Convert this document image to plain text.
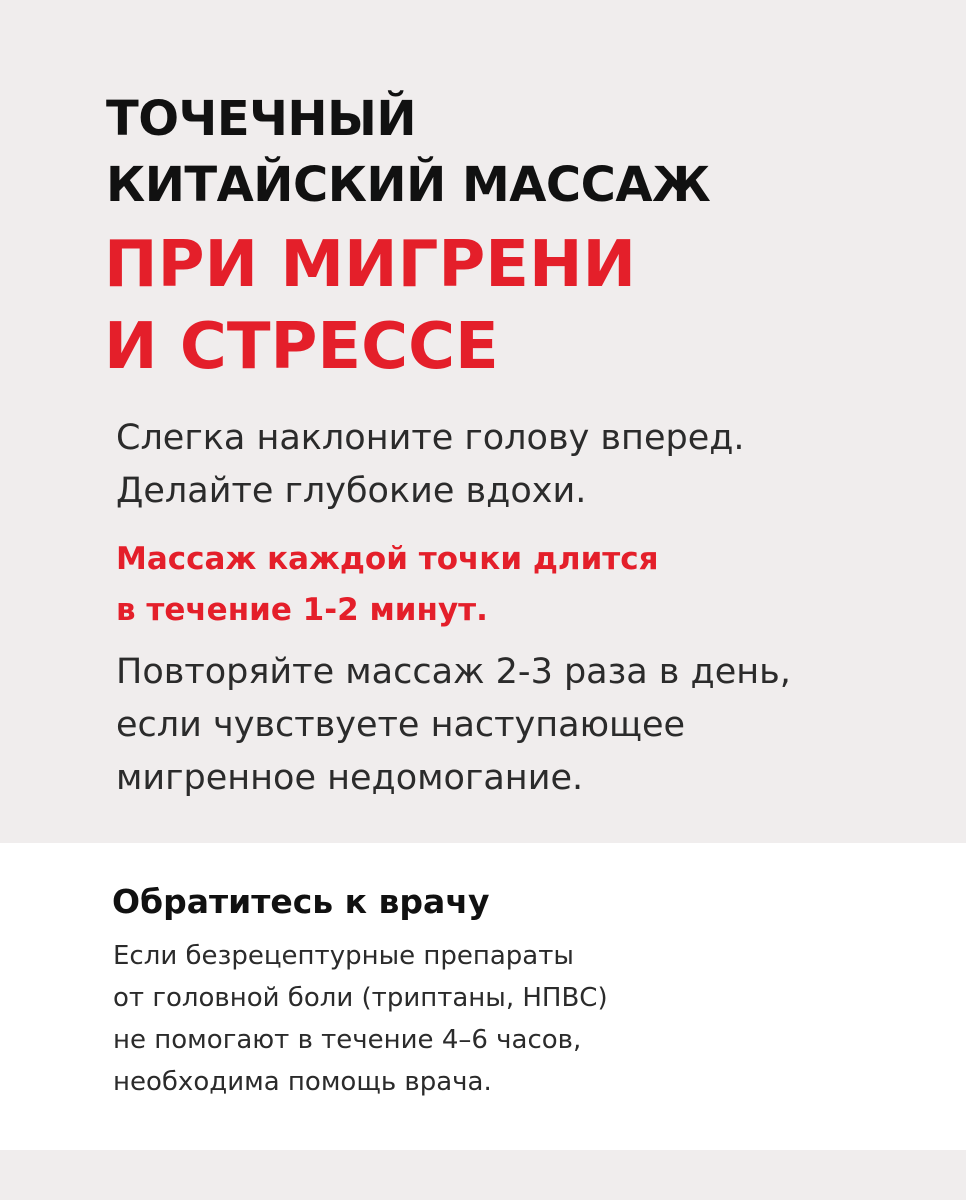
ТОЧЕЧНЫЙ
КИТАЙСКИЙ МАССАЖ
ПРИ МИГРЕНИ
И СТРЕССЕ

Слегка наклоните голову вперед.
Делайте глубокие вдохи.

Массаж каждой точки длится
в течение 1-2 минут.

Повторяйте массаж 2-3 раза в день,
если чувствуете наступающее
мигренное недомогание.

Обратитесь к врачу

Если безрецептурные препараты
от головной боли (триптаны, НПВС)
не помогают в течение 4–6 часов,
необходима помощь врача.
